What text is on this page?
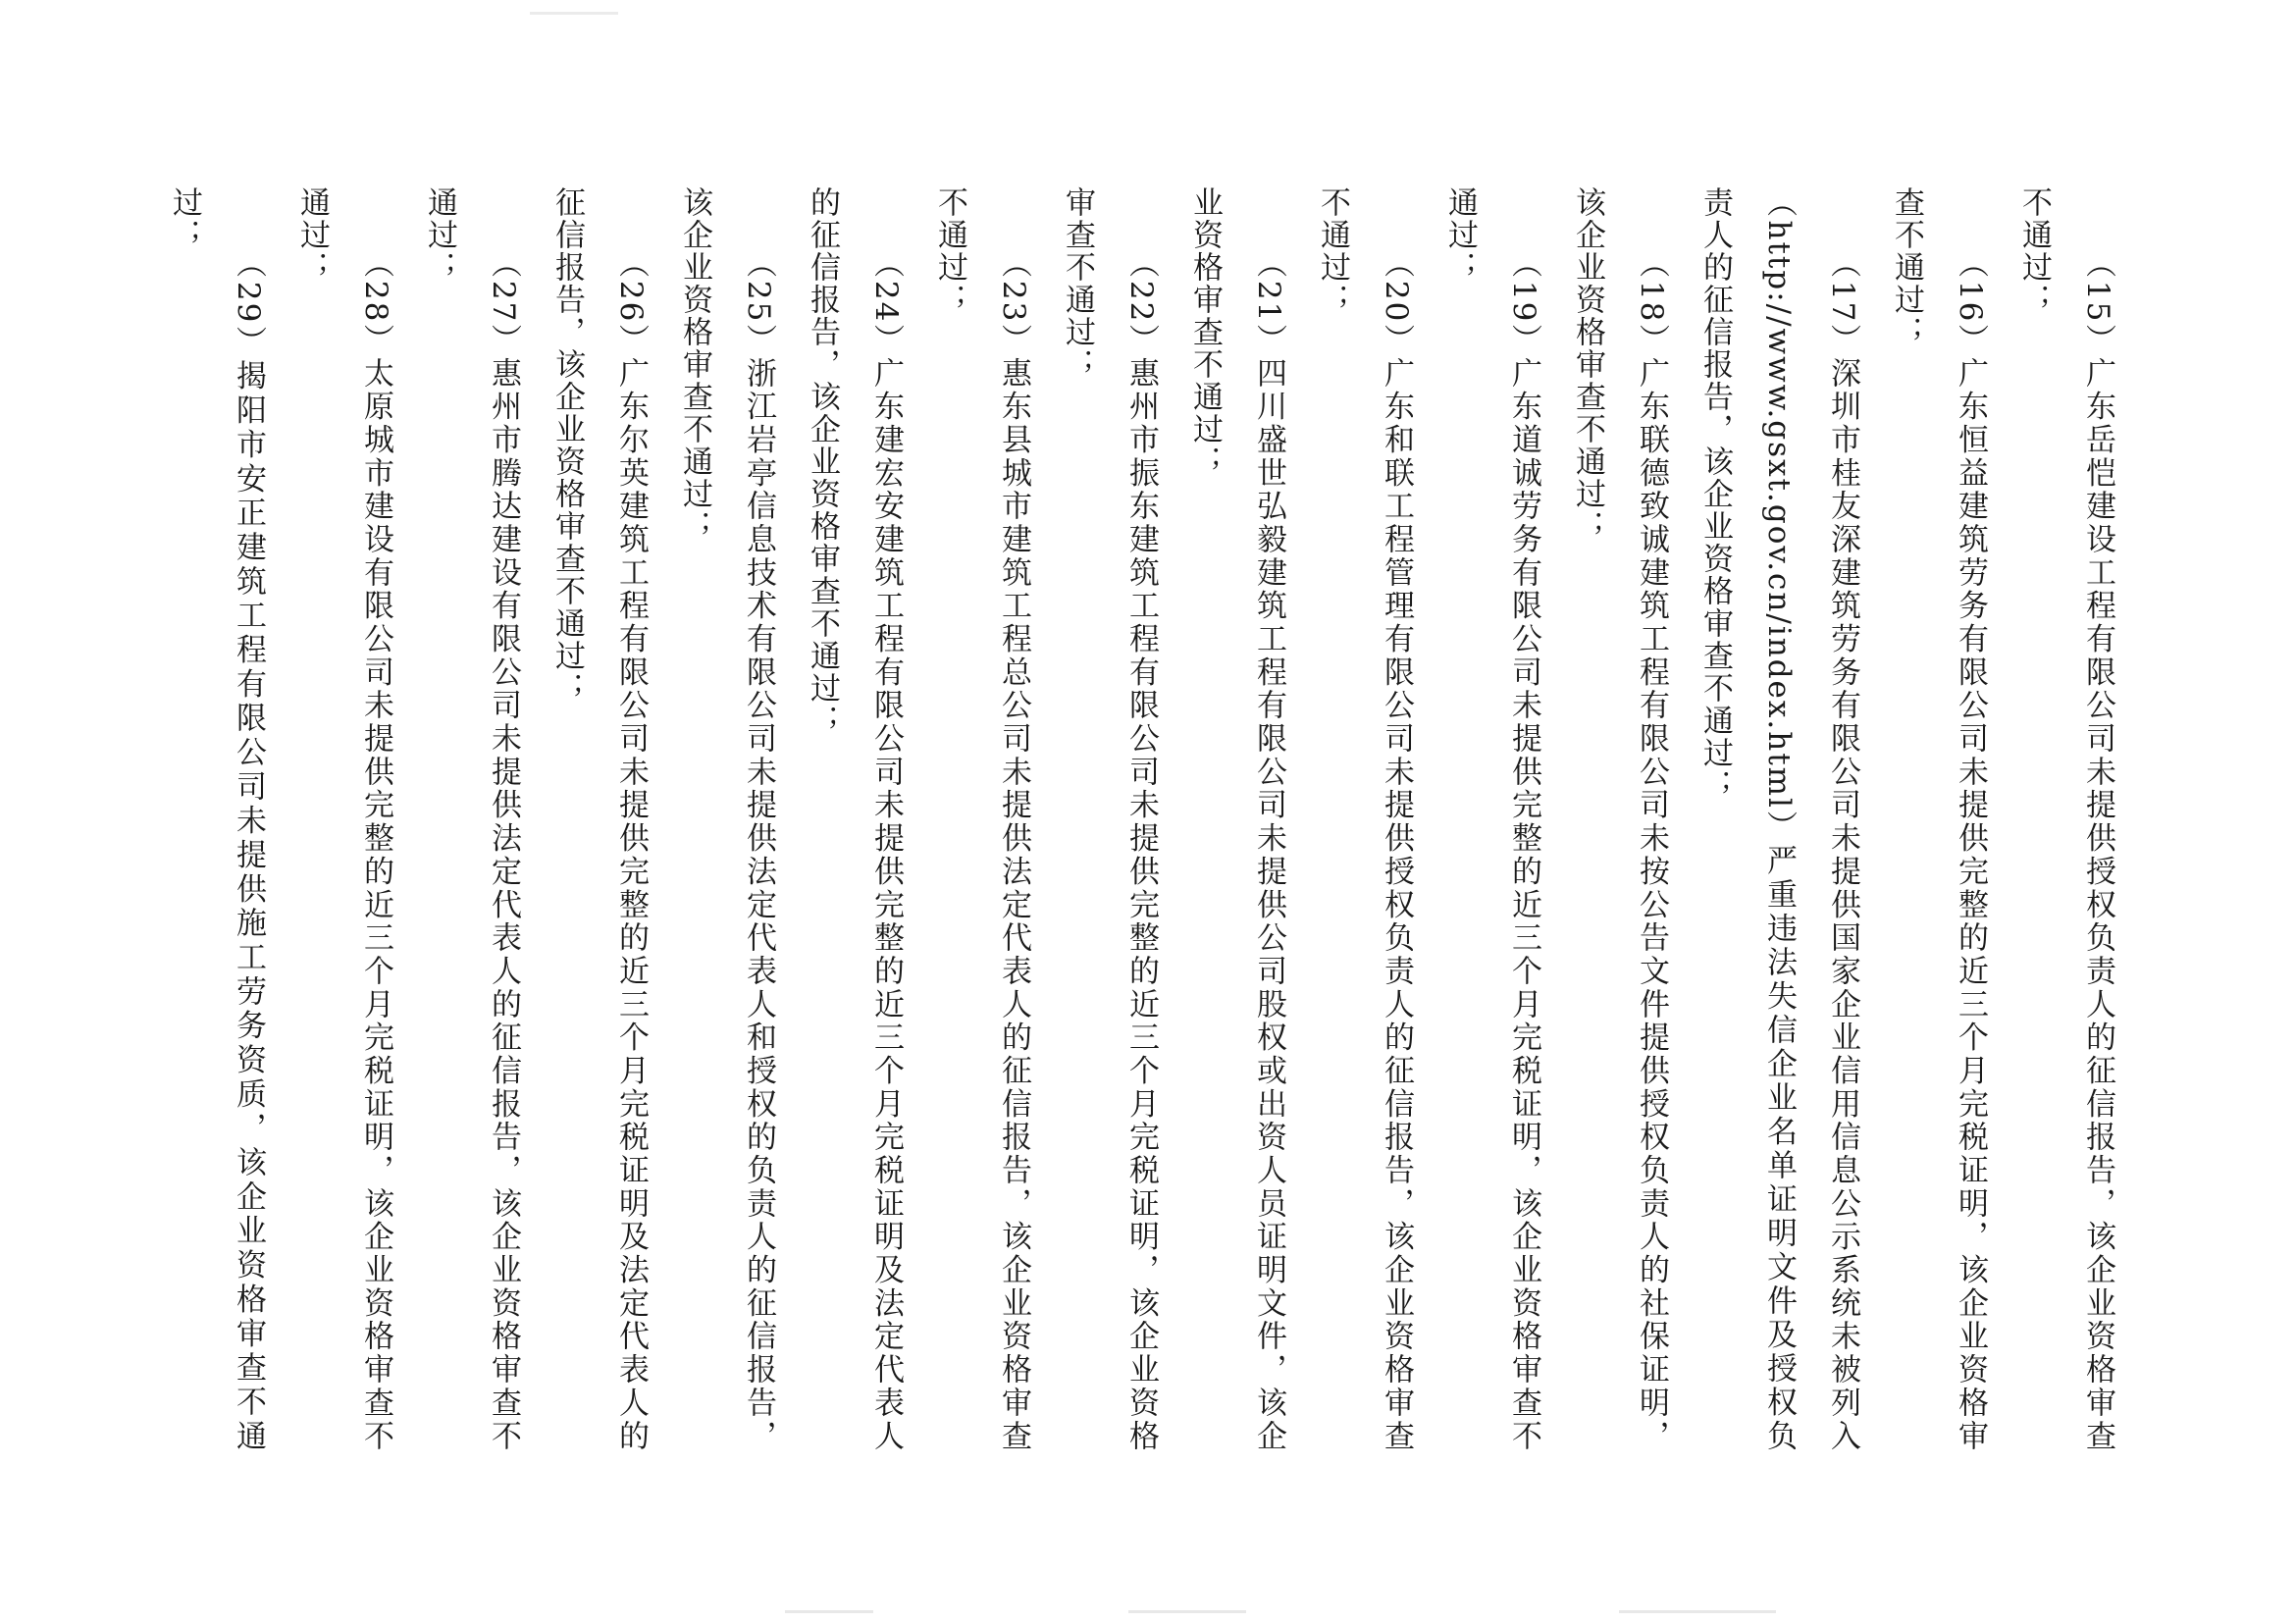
（15）广东岳恺建设工程有限公司未提供授权负责人的征信报告，该企业资格审查不通过；

（16）广东恒益建筑劳务有限公司未提供完整的近三个月完税证明，该企业资格审查不通过；

（17）深圳市桂友深建筑劳务有限公司未提供国家企业信用信息公示系统未被列入（http://www.gsxt.gov.cn/index.html）严重违法失信企业名单证明文件及授权负责人的征信报告，该企业资格审查不通过；

（18）广东联德致诚建筑工程有限公司未按公告文件提供授权负责人的社保证明，该企业资格审查不通过；

（19）广东道诚劳务有限公司未提供完整的近三个月完税证明，该企业资格审查不通过；

（20）广东和联工程管理有限公司未提供授权负责人的征信报告，该企业资格审查不通过；

（21）四川盛世弘毅建筑工程有限公司未提供公司股权或出资人员证明文件，该企业资格审查不通过；

（22）惠州市振东建筑工程有限公司未提供完整的近三个月完税证明，该企业资格审查不通过；

（23）惠东县城市建筑工程总公司未提供法定代表人的征信报告，该企业资格审查不通过；

（24）广东建宏安建筑工程有限公司未提供完整的近三个月完税证明及法定代表人的征信报告，该企业资格审查不通过；

（25）浙江岩亭信息技术有限公司未提供法定代表人和授权的负责人的征信报告，该企业资格审查不通过；

（26）广东尔英建筑工程有限公司未提供完整的近三个月完税证明及法定代表人的征信报告，该企业资格审查不通过；

（27）惠州市腾达建设有限公司未提供法定代表人的征信报告，该企业资格审查不通过；

（28）太原城市建设有限公司未提供完整的近三个月完税证明，该企业资格审查不通过；

（29）揭阳市安正建筑工程有限公司未提供施工劳务资质，该企业资格审查不通过；
